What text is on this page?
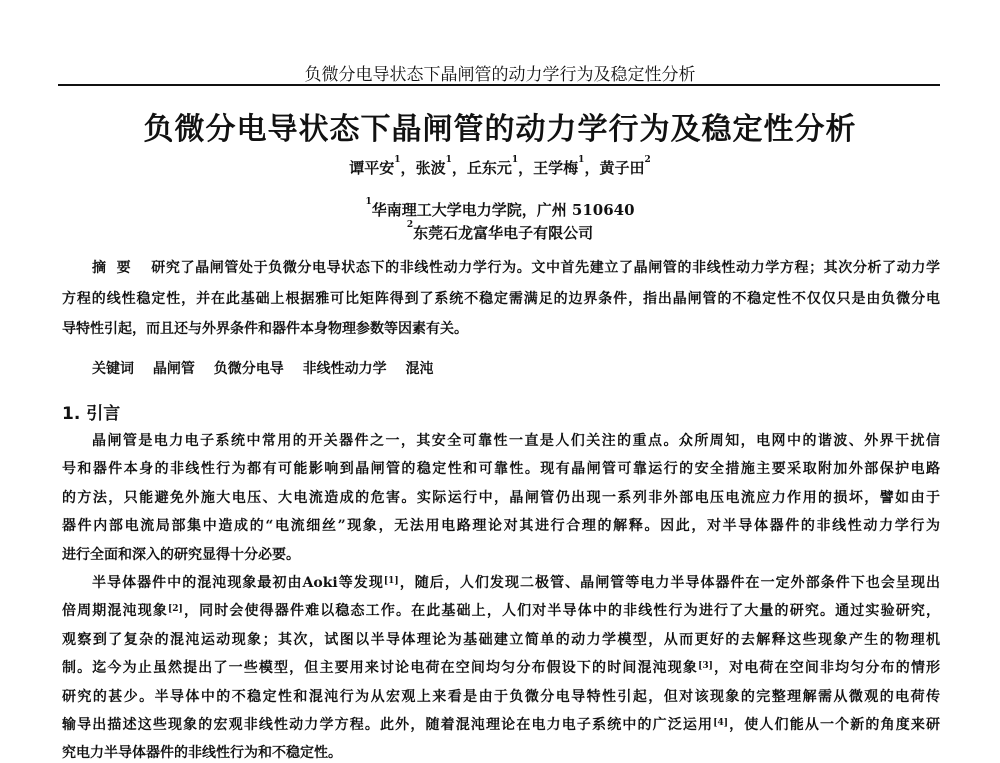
负微分电导状态下晶闸管的动力学行为及稳定性分析
负微分电导状态下晶闸管的动力学行为及稳定性分析
谭平安$^1$，张波$^1$，丘东元$^1$，王学梅$^1$，黄子田$^2$
$^1$华南理工大学电力学院，广州 510640
$^2$东莞石龙富华电子有限公司
摘要 研究了晶闸管处于负微分电导状态下的非线性动力学行为。文中首先建立了晶闸管的非线性动力学方程；其次分析了动力学
方程的线性稳定性，并在此基础上根据雅可比矩阵得到了系统不稳定需满足的边界条件，指出晶闸管的不稳定性不仅仅只是由负微分电
导特性引起，而且还与外界条件和器件本身物理参数等因素有关。
关键词 晶闸管 负微分电导 非线性动力学 混沌
1. 引言
晶闸管是电力电子系统中常用的开关器件之一，其安全可靠性一直是人们关注的重点。众所周知，电网中的谐波、外界干扰信
号和器件本身的非线性行为都有可能影响到晶闸管的稳定性和可靠性。现有晶闸管可靠运行的安全措施主要采取附加外部保护电路
的方法，只能避免外施大电压、大电流造成的危害。实际运行中，晶闸管仍出现一系列非外部电压电流应力作用的损坏，譬如由于
器件内部电流局部集中造成的“电流细丝”现象，无法用电路理论对其进行合理的解释。因此，对半导体器件的非线性动力学行为
进行全面和深入的研究显得十分必要。
半导体器件中的混沌现象最初由Aoki等发现[1]，随后，人们发现二极管、晶闸管等电力半导体器件在一定外部条件下也会呈现出
倍周期混沌现象[2]，同时会使得器件难以稳态工作。在此基础上，人们对半导体中的非线性行为进行了大量的研究。通过实验研究，
观察到了复杂的混沌运动现象；其次，试图以半导体理论为基础建立简单的动力学模型，从而更好的去解释这些现象产生的物理机
制。迄今为止虽然提出了一些模型，但主要用来讨论电荷在空间均匀分布假设下的时间混沌现象[3]，对电荷在空间非均匀分布的情形
研究的甚少。半导体中的不稳定性和混沌行为从宏观上来看是由于负微分电导特性引起，但对该现象的完整理解需从微观的电荷传
输导出描述这些现象的宏观非线性动力学方程。此外，随着混沌理论在电力电子系统中的广泛运用[4]，使人们能从一个新的角度来研
究电力半导体器件的非线性行为和不稳定性。
